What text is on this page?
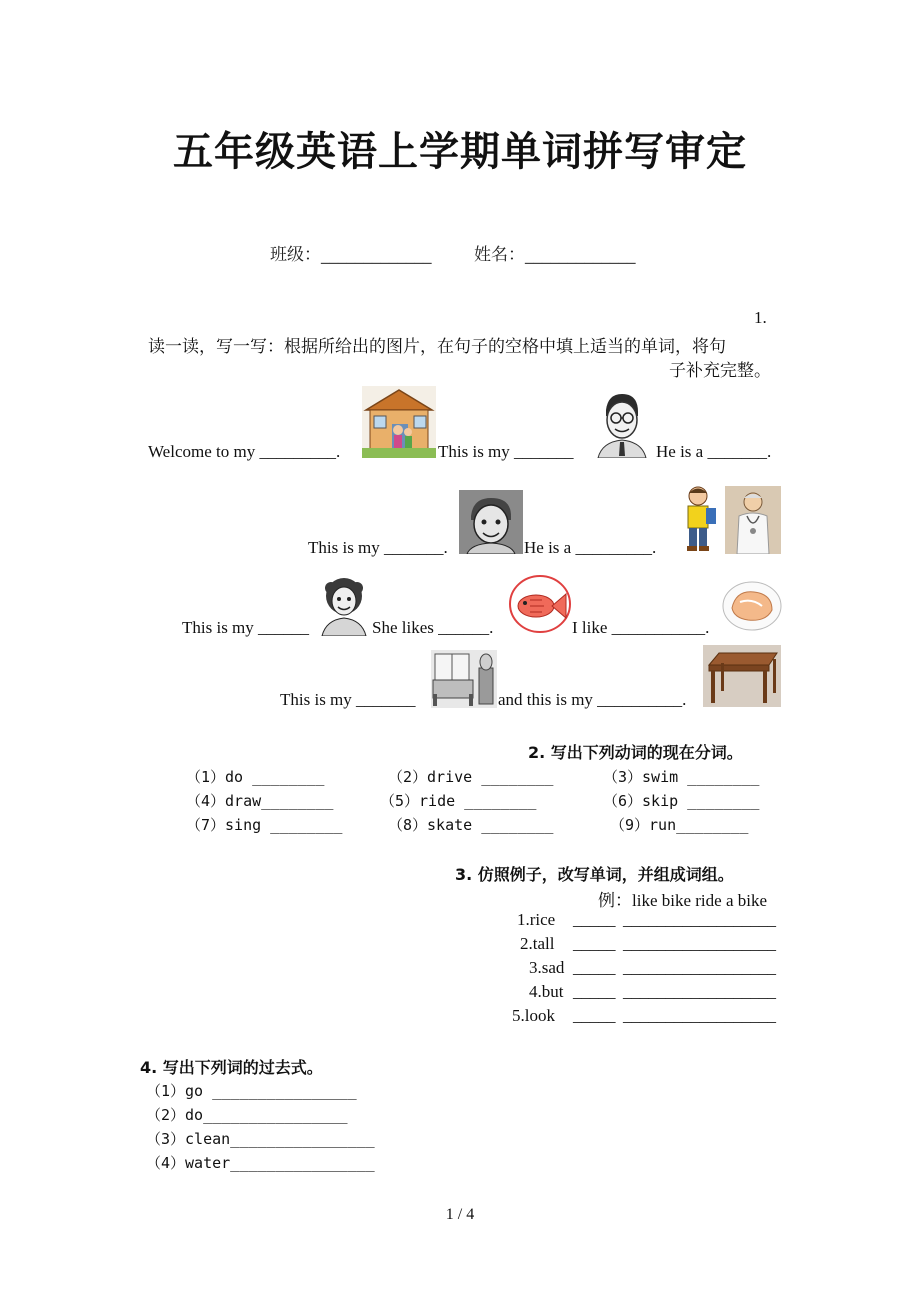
五年级英语上学期单词拼写审定
班级：_____________	姓名：_____________
1.
读一读，写一写：根据所给出的图片，在句子的空格中填上适当的单词，将句
子补充完整。
Welcome to my _________.	This is my _______	He is a _______.
This is my _______.	He is a _________.
This is my ______	She likes ______.	I like ___________.
This is my _______	and this is my __________.
2. 写出下列动词的现在分词。
（1）do ________	（2）drive ________	（3）swim ________
（4）draw________	（5）ride ________	（6）skip ________
（7）sing ________	（8）skate ________	（9）run________
3. 仿照例子，改写单词，并组成词组。
例：like bike ride a bike
1.rice _____ __________________
2.tall _____ __________________
3.sad _____ __________________
4.but _____ __________________
5.look _____ __________________
4. 写出下列词的过去式。
（1）go ________________
（2）do________________
（3）clean________________
（4）water________________
1 / 4
